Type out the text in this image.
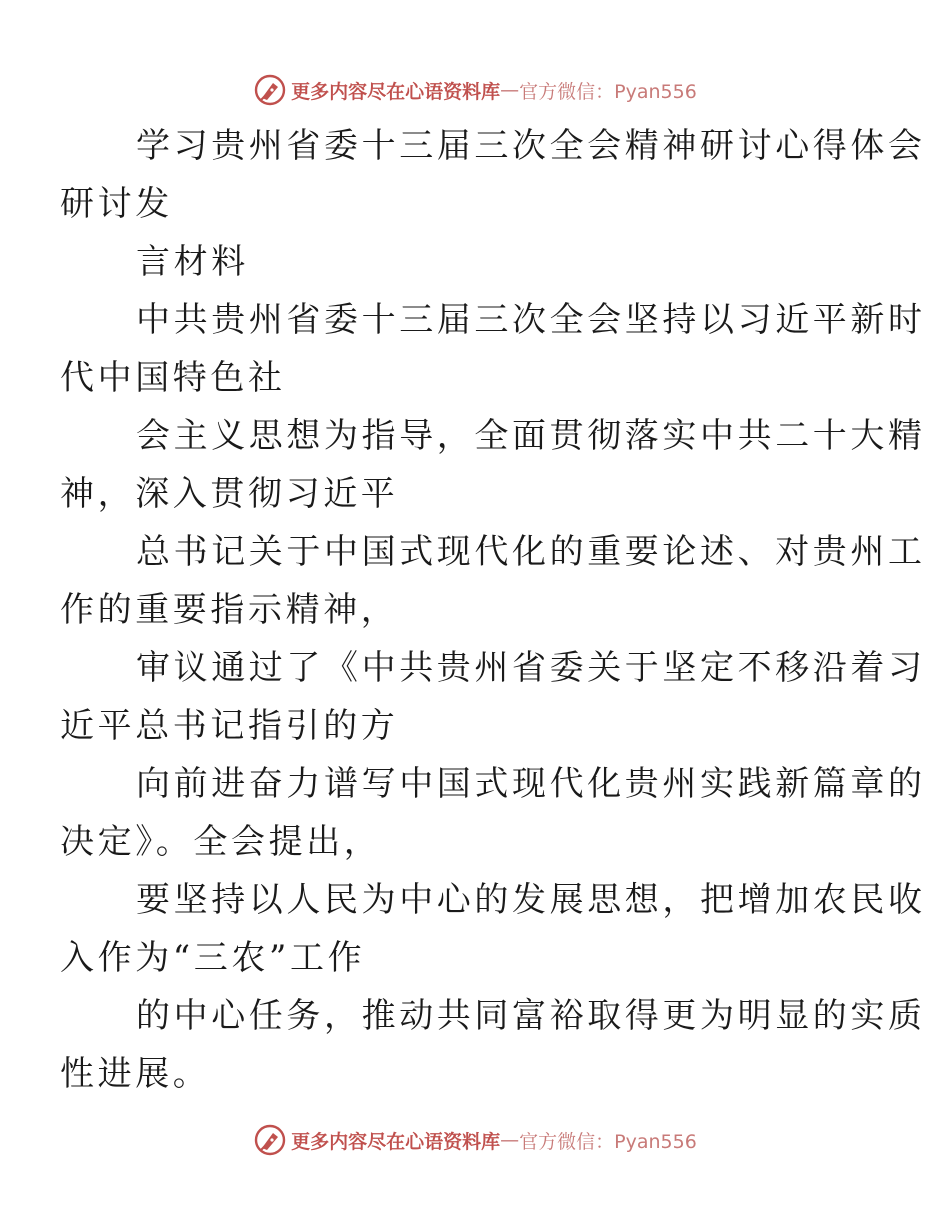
更多内容尽在心语资料库 — 官方微信：Pyan556

学习贵州省委十三届三次全会精神研讨心得体会
研讨发

言材料

中共贵州省委十三届三次全会坚持以习近平新时
代中国特色社

会主义思想为指导，全面贯彻落实中共二十大精
神，深入贯彻习近平

总书记关于中国式现代化的重要论述、对贵州工
作的重要指示精神，

审议通过了《中共贵州省委关于坚定不移沿着习
近平总书记指引的方

向前进奋力谱写中国式现代化贵州实践新篇章的
决定》。全会提出，

要坚持以人民为中心的发展思想，把增加农民收
入作为“三农”工作

的中心任务，推动共同富裕取得更为明显的实质
性进展。

更多内容尽在心语资料库 — 官方微信：Pyan556
